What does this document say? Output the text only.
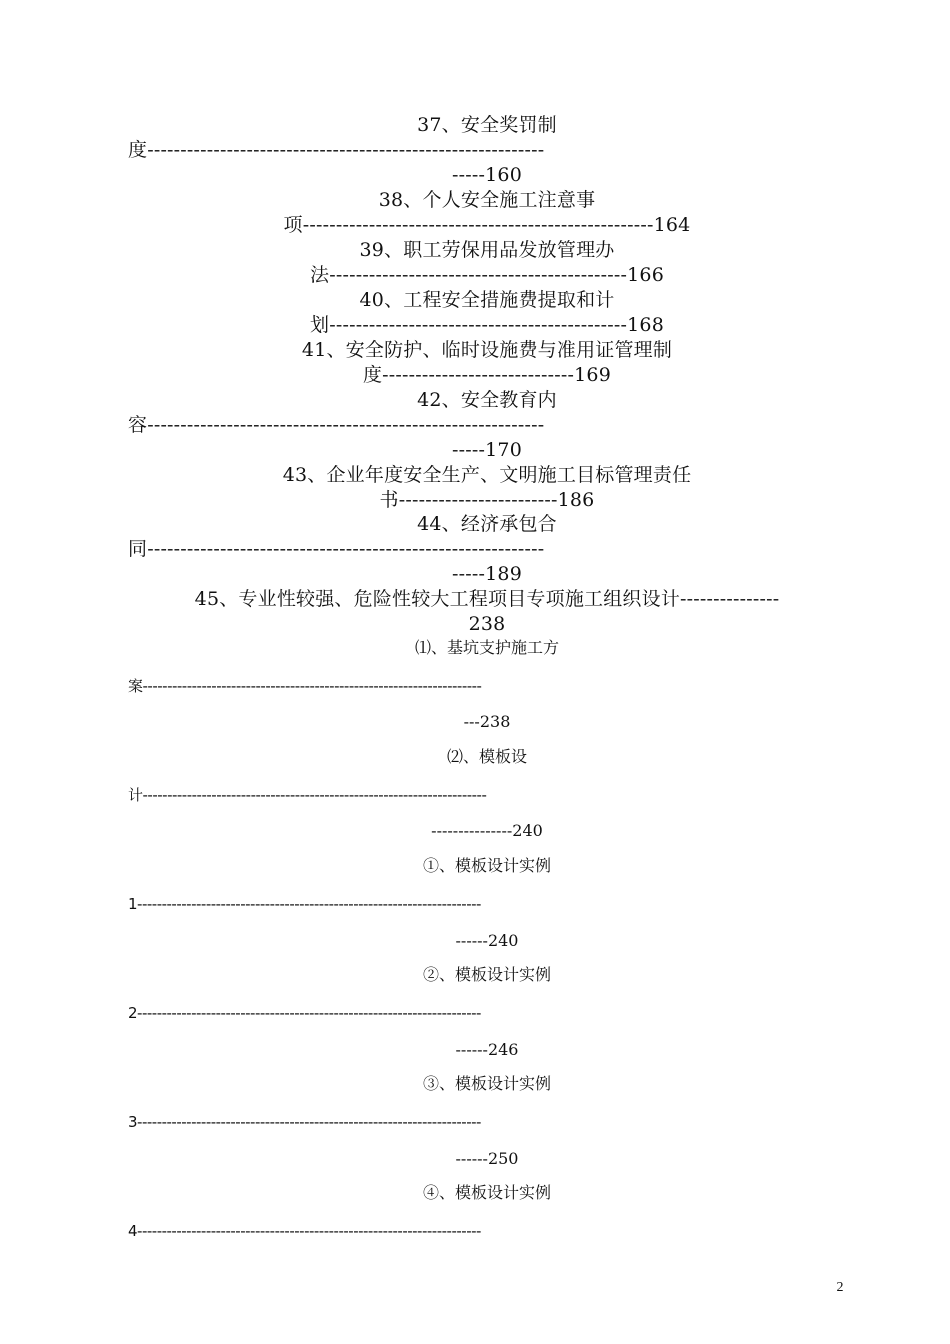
37、安全奖罚制
度------------------------------------------------------------
-----160
38、个人安全施工注意事
项-----------------------------------------------------164
39、职工劳保用品发放管理办
法---------------------------------------------166
40、工程安全措施费提取和计
划---------------------------------------------168
41、安全防护、临时设施费与准用证管理制
度-----------------------------169
42、安全教育内
容------------------------------------------------------------
-----170
43、企业年度安全生产、文明施工目标管理责任
书------------------------186
44、经济承包合
同------------------------------------------------------------
-----189
45、专业性较强、危险性较大工程项目专项施工组织设计---------------
238
⑴、基坑支护施工方
案---------------------------------------------------------------------
---238
⑵、模板设
计----------------------------------------------------------------------
---------------240
①、模板设计实例
1----------------------------------------------------------------------
------240
②、模板设计实例
2----------------------------------------------------------------------
------246
③、模板设计实例
3----------------------------------------------------------------------
------250
④、模板设计实例
4----------------------------------------------------------------------
2
